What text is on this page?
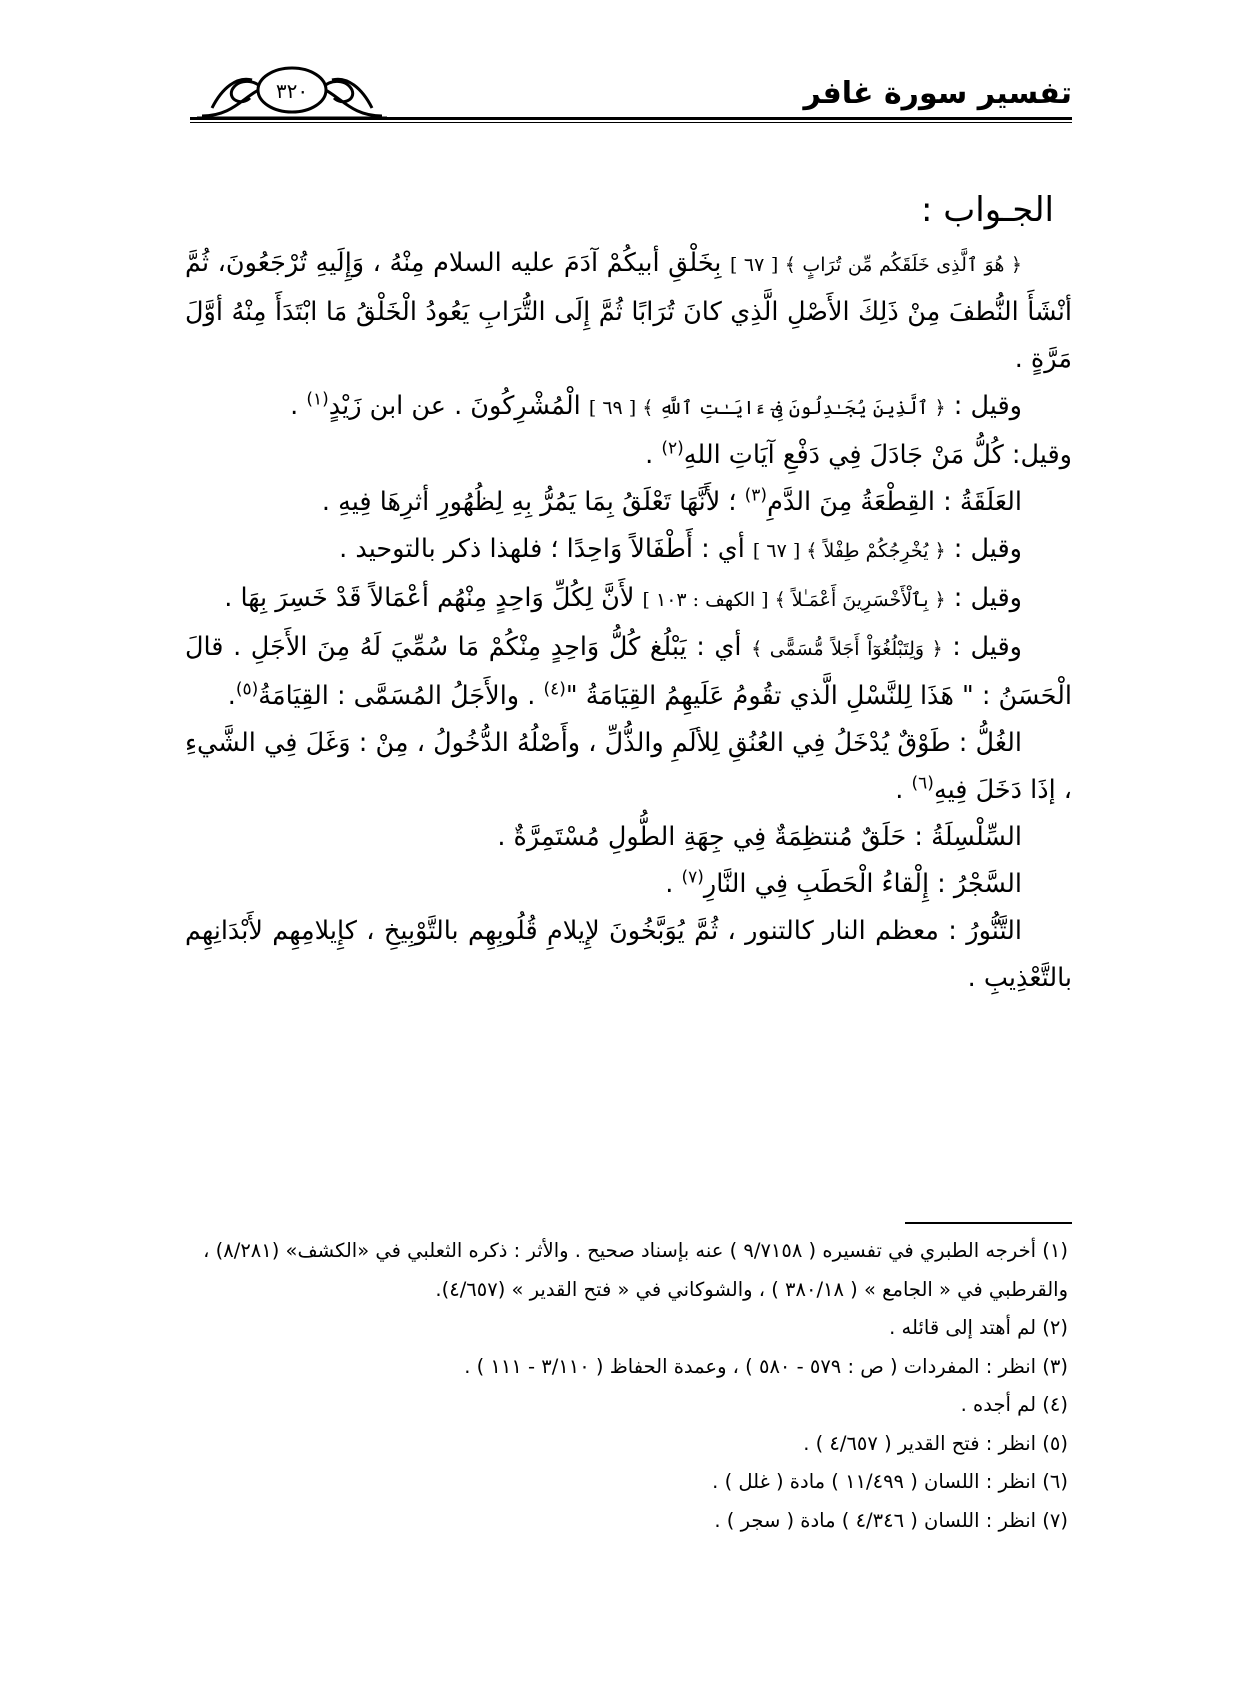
تفسير سورة غافر
٣٢٠
الجـواب :

﴿ هُوَ ٱلَّذِى خَلَقَكُم مِّن تُرَابٍ ﴾ [ ٦٧ ] بِخَلْقِ أبيكُمْ آدَمَ عليه السلام مِنْهُ ، وَإِلَيهِ تُرْجَعُونَ، ثُمَّ أنْشَأَ النُّطفَ مِنْ ذَلِكَ الأَصْلِ الَّذِي كانَ تُرَابًا ثُمَّ إِلَى التُّرَابِ يَعُودُ الْخَلْقُ مَا ابْتَدَأَ مِنْهُ أوَّلَ مَرَّةٍ .

وقيل : ﴿ ٱلَّذِينَ يُجَـٰدِلُونَ فِىٓ ءَايَـٰتِ ٱللَّهِ ﴾ [ ٦٩ ] الْمُشْرِكُونَ . عن ابن زَيْدٍ$^{(١)}$ .
وقيل: كُلُّ مَنْ جَادَلَ فِي دَفْعِ آيَاتِ اللهِ$^{(٢)}$ .

العَلَقَةُ : القِطْعَةُ مِنَ الدَّمِ$^{(٣)}$ ؛ لأَنَّهَا تَعْلَقُ بِمَا يَمُرُّ بِهِ لِظُهُورِ أثرِهَا فِيهِ .

وقيل : ﴿ يُخْرِجُكُمْ طِفْلاً ﴾ [ ٦٧ ] أي : أَطْفَالاً وَاحِدًا ؛ فلهذا ذكر بالتوحيد .

وقيل : ﴿ بِٱلْأَخْسَرِينَ أَعْمَـٰلاً ﴾ [ الكهف : ١٠٣ ] لأَنَّ لِكُلِّ وَاحِدٍ مِنْهُم أعْمَالاً قَدْ خَسِرَ بِهَا .

وقيل : ﴿ وَلِتَبْلُغُوٓاْ أَجَلاً مُّسَمًّى ﴾ أي : يَبْلُغ كُلُّ وَاحِدٍ مِنْكُمْ مَا سُمِّيَ لَهُ مِنَ الأَجَلِ . قالَ الْحَسَنُ : " هَذَا لِلنَّسْلِ الَّذي تقُومُ عَلَيهِمُ القِيَامَةُ "$^{(٤)}$ . والأَجَلُ المُسَمَّى : القِيَامَةُ$^{(٥)}$.

الغُلُّ : طَوْقٌ يُدْخَلُ فِي العُنُقِ لِلألَمِ والذُّلِّ ، وأَصْلُهُ الدُّخُولُ ، مِنْ : وَغَلَ فِي الشَّيءِ ، إذَا دَخَلَ فِيهِ$^{(٦)}$ .

السِّلْسِلَةُ : حَلَقٌ مُنتظِمَةٌ فِي جِهَةِ الطُّولِ مُسْتَمِرَّةٌ .

السَّجْرُ : إِلْقاءُ الْحَطَبِ فِي النَّارِ$^{(٧)}$ .

التَّنُّورُ : معظم النار كالتنور ، ثُمَّ يُوَبَّخُونَ لإِيلامِ قُلُوبِهِم بالتَّوْبِيخِ ، كإِيلامِهِم لأَبْدَانِهِم بالتَّعْذِيبِ .

(١) أخرجه الطبري في تفسيره ( ٩/٧١٥٨ ) عنه بإسناد صحيح . والأثر : ذكره الثعلبي في «الكشف» (٨/٢٨١) ، والقرطبي في « الجامع » ( ٣٨٠/١٨ ) ، والشوكاني في « فتح القدير » (٤/٦٥٧).
(٢) لم أهتد إلى قائله .
(٣) انظر : المفردات ( ص : ٥٧٩ - ٥٨٠ ) ، وعمدة الحفاظ ( ٣/١١٠ - ١١١ ) .
(٤) لم أجده .
(٥) انظر : فتح القدير ( ٤/٦٥٧ ) .
(٦) انظر : اللسان ( ١١/٤٩٩ ) مادة ( غلل ) .
(٧) انظر : اللسان ( ٤/٣٤٦ ) مادة ( سجر ) .
